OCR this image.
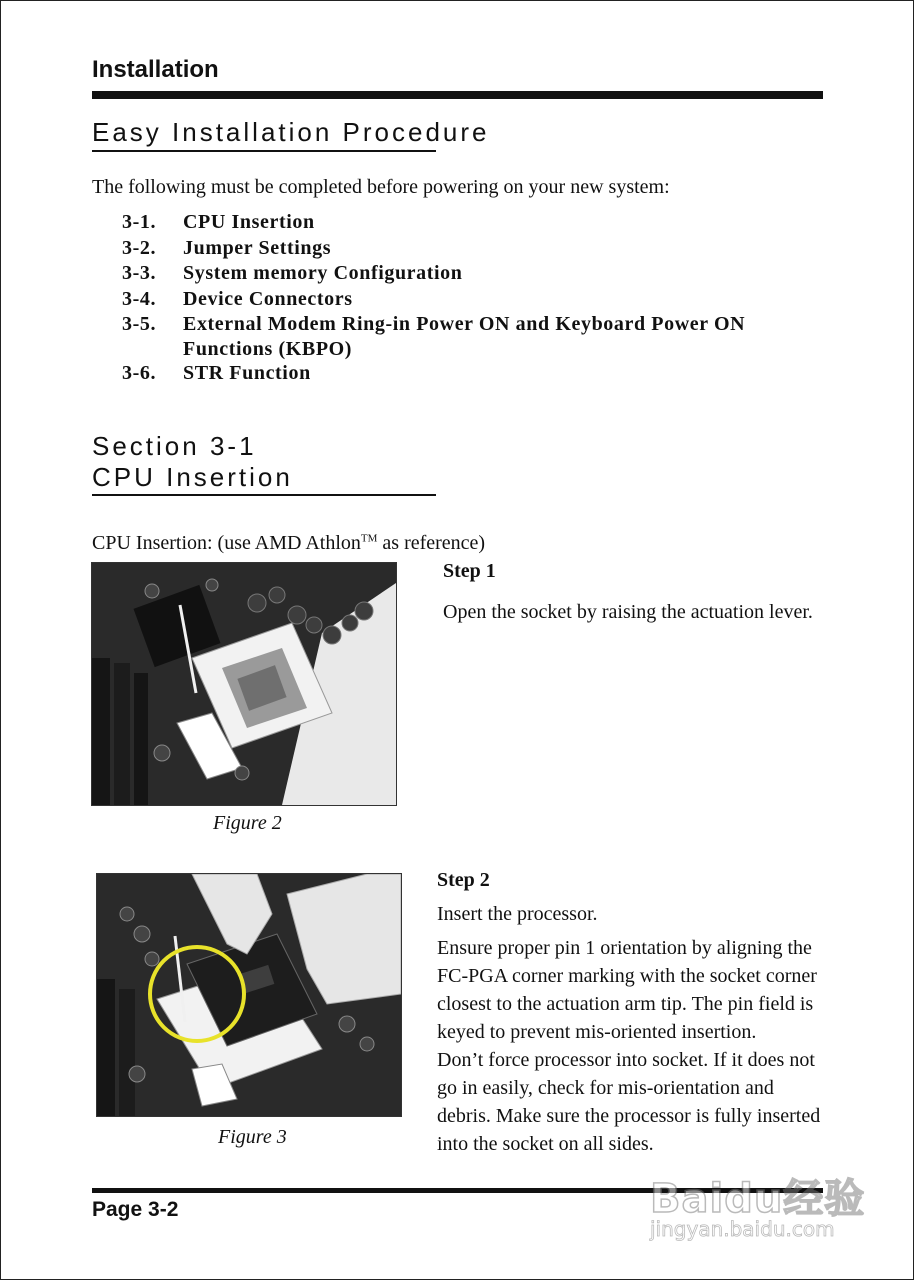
Installation
Easy Installation Procedure
The following must be completed before powering on your new system:
3-1.	CPU Insertion
3-2.	Jumper Settings
3-3.	System memory Configuration
3-4.	Device Connectors
3-5.	External Modem Ring-in Power ON and Keyboard Power ON
Functions (KBPO)
3-6.	STR Function
Section 3-1
CPU Insertion
CPU Insertion: (use AMD Athlon™ as reference)
Figure 2
Step 1

Open the socket by raising the actuation lever.

Figure 3
Step 2

Insert the processor.

Ensure proper pin 1 orientation by aligning the FC-PGA corner marking with the socket corner closest to the actuation arm tip. The pin field is keyed to prevent mis-oriented insertion.

Don’t force processor into socket. If it does not go in easily, check for mis-orientation and debris. Make sure the processor is fully inserted into the socket on all sides.

Page 3-2	Baidu经验
jingyan.baidu.com
